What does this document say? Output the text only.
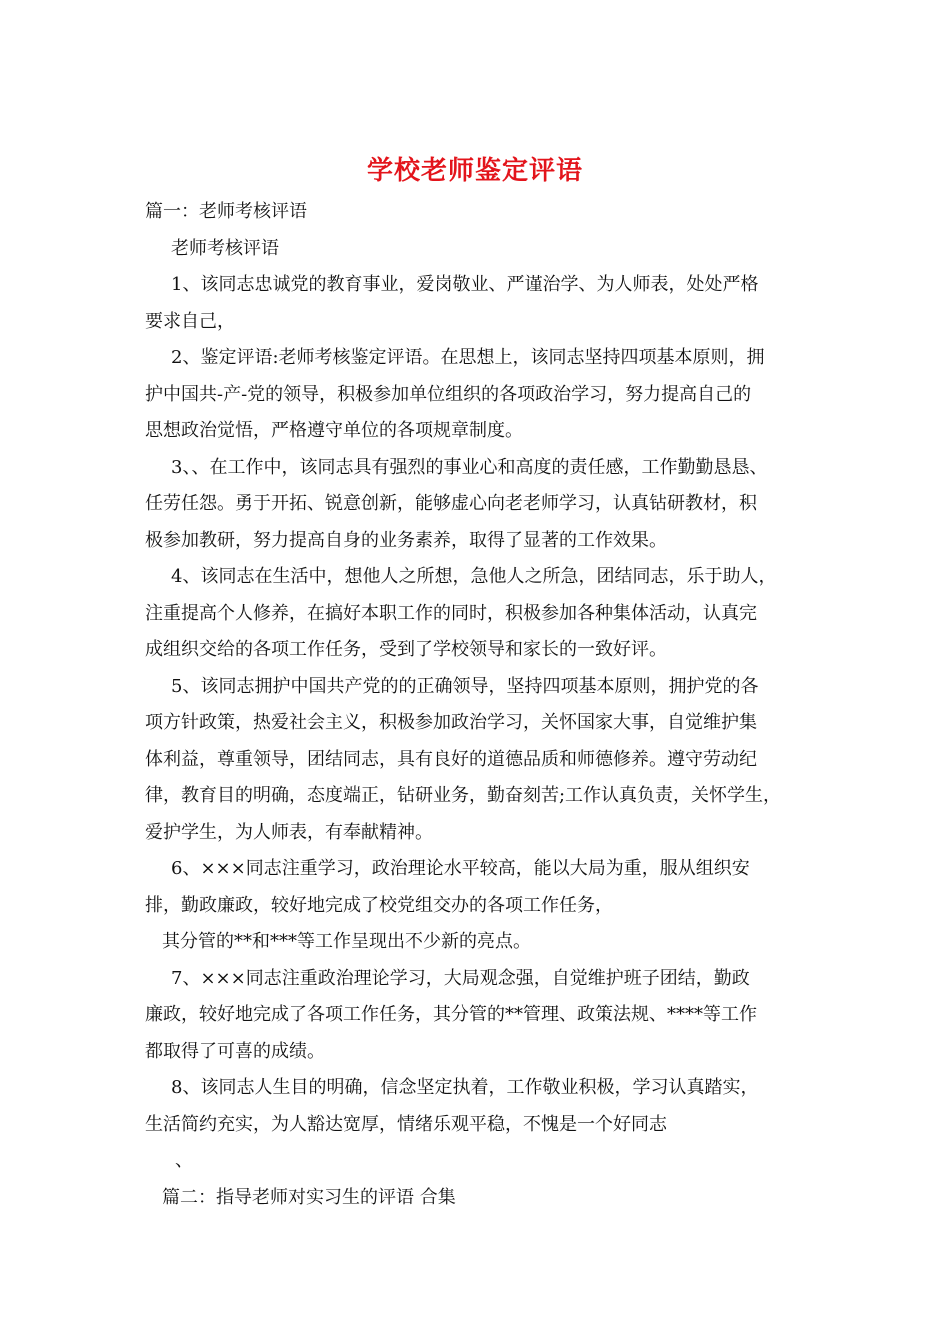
学校老师鉴定评语
篇一：老师考核评语
老师考核评语
1、该同志忠诚党的教育事业，爱岗敬业、严谨治学、为人师表，处处严格
要求自己，
2、鉴定评语:老师考核鉴定评语。在思想上，该同志坚持四项基本原则，拥
护中国共-产-党的领导，积极参加单位组织的各项政治学习，努力提高自己的
思想政治觉悟，严格遵守单位的各项规章制度。
3、、在工作中，该同志具有强烈的事业心和高度的责任感，工作勤勤恳恳、
任劳任怨。勇于开拓、锐意创新，能够虚心向老老师学习，认真钻研教材，积
极参加教研，努力提高自身的业务素养，取得了显著的工作效果。
4、该同志在生活中，想他人之所想，急他人之所急，团结同志，乐于助人，
注重提高个人修养，在搞好本职工作的同时，积极参加各种集体活动，认真完
成组织交给的各项工作任务，受到了学校领导和家长的一致好评。
5、该同志拥护中国共产党的的正确领导，坚持四项基本原则，拥护党的各
项方针政策，热爱社会主义，积极参加政治学习，关怀国家大事，自觉维护集
体利益，尊重领导，团结同志，具有良好的道德品质和师德修养。遵守劳动纪
律，教育目的明确，态度端正，钻研业务，勤奋刻苦;工作认真负责，关怀学生，
爱护学生，为人师表，有奉献精神。
6、×××同志注重学习，政治理论水平较高，能以大局为重，服从组织安
排，勤政廉政，较好地完成了校党组交办的各项工作任务，
其分管的**和***等工作呈现出不少新的亮点。
7、×××同志注重政治理论学习，大局观念强，自觉维护班子团结，勤政
廉政，较好地完成了各项工作任务，其分管的**管理、政策法规、****等工作
都取得了可喜的成绩。
8、该同志人生目的明确，信念坚定执着，工作敬业积极，学习认真踏实，
生活简约充实，为人豁达宽厚，情绪乐观平稳，不愧是一个好同志
、
篇二：指导老师对实习生的评语 合集
